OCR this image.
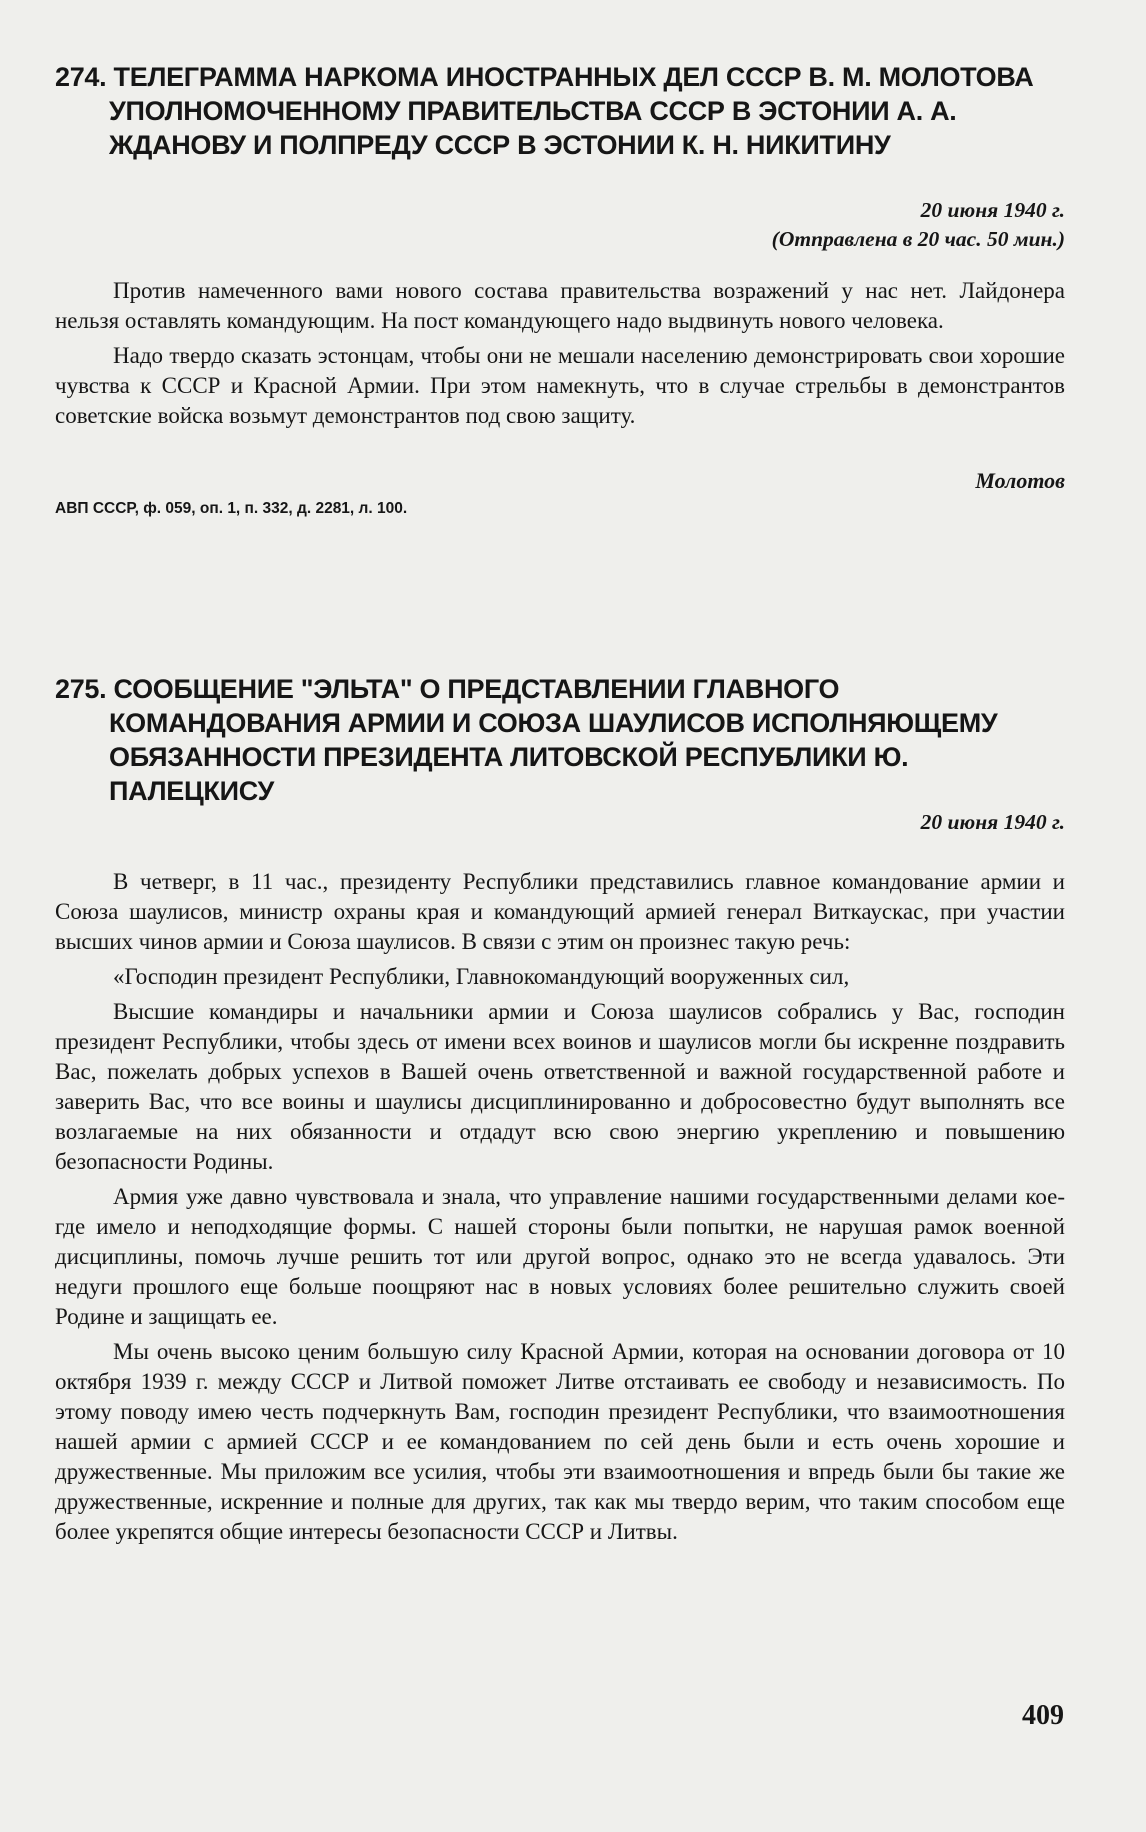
274. ТЕЛЕГРАММА НАРКОМА ИНОСТРАННЫХ ДЕЛ СССР В. М. МОЛОТОВА УПОЛНОМОЧЕННОМУ ПРАВИТЕЛЬСТВА СССР В ЭСТОНИИ А. А. ЖДАНОВУ И ПОЛПРЕДУ СССР В ЭСТОНИИ К. Н. НИКИТИНУ

20 июня 1940 г.

(Отправлена в 20 час. 50 мин.)

Против намеченного вами нового состава правительства возражений у нас нет. Лайдонера нельзя оставлять командующим. На пост командующего надо выдвинуть нового человека.

Надо твердо сказать эстонцам, чтобы они не мешали населению демонстрировать свои хорошие чувства к СССР и Красной Армии. При этом намекнуть, что в случае стрельбы в демонстрантов советские войска возьмут демонстрантов под свою защиту.

Молотов

АВП СССР, ф. 059, оп. 1, п. 332, д. 2281, л. 100.

275. СООБЩЕНИЕ "ЭЛЬТА" О ПРЕДСТАВЛЕНИИ ГЛАВНОГО КОМАНДОВАНИЯ АРМИИ И СОЮЗА ШАУЛИСОВ ИСПОЛНЯЮЩЕМУ ОБЯЗАННОСТИ ПРЕЗИДЕНТА ЛИТОВСКОЙ РЕСПУБЛИКИ Ю. ПАЛЕЦКИСУ

20 июня 1940 г.

В четверг, в 11 час., президенту Республики представились главное командование армии и Союза шаулисов, министр охраны края и командующий армией генерал Виткаускас, при участии высших чинов армии и Союза шаулисов. В связи с этим он произнес такую речь:

«Господин президент Республики, Главнокомандующий вооруженных сил,

Высшие командиры и начальники армии и Союза шаулисов собрались у Вас, господин президент Республики, чтобы здесь от имени всех воинов и шаулисов могли бы искренне поздравить Вас, пожелать добрых успехов в Вашей очень ответственной и важной государственной работе и заверить Вас, что все воины и шаулисы дисциплинированно и добросовестно будут выполнять все возлагаемые на них обязанности и отдадут всю свою энергию укреплению и повышению безопасности Родины.

Армия уже давно чувствовала и знала, что управление нашими государственными делами кое-где имело и неподходящие формы. С нашей стороны были попытки, не нарушая рамок военной дисциплины, помочь лучше решить тот или другой вопрос, однако это не всегда удавалось. Эти недуги прошлого еще больше поощряют нас в новых условиях более решительно служить своей Родине и защищать ее.

Мы очень высоко ценим большую силу Красной Армии, которая на основании договора от 10 октября 1939 г. между СССР и Литвой поможет Литве отстаивать ее свободу и независимость. По этому поводу имею честь подчеркнуть Вам, господин президент Республики, что взаимоотношения нашей армии с армией СССР и ее командованием по сей день были и есть очень хорошие и дружественные. Мы приложим все усилия, чтобы эти взаимоотношения и впредь были бы такие же дружественные, искренние и полные для других, так как мы твердо верим, что таким способом еще более укрепятся общие интересы безопасности СССР и Литвы.

409
